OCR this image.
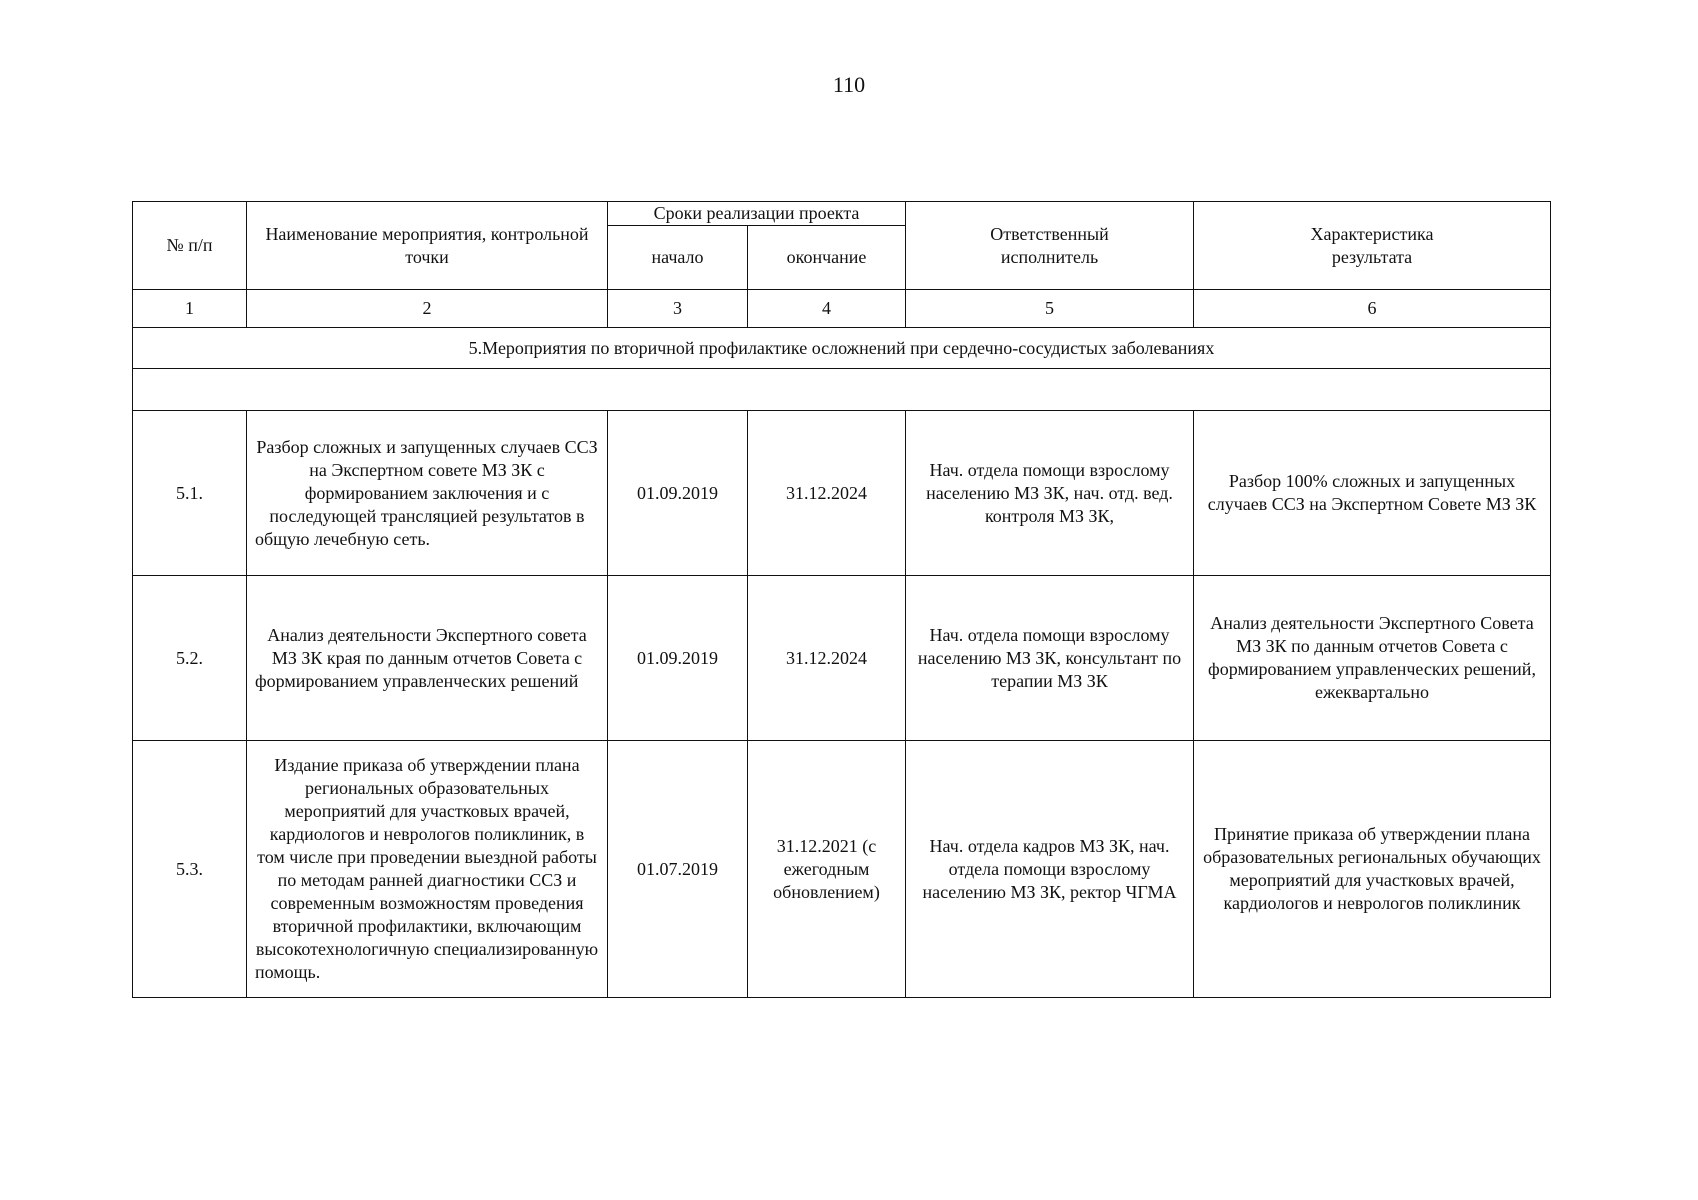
110
№ п/п	Наименование мероприятия, контрольной точки	Сроки реализации проекта		Ответственный исполнитель	Характеристика результата
		начало	окончание		
1	2	3	4	5	6
5.Мероприятия по вторичной профилактике осложнений при сердечно-сосудистых заболеваниях					

5.1.	Разбор сложных и запущенных случаев ССЗ на Экспертном совете МЗ ЗК с формированием заключения и с последующей трансляцией результатов в общую лечебную сеть.	01.09.2019	31.12.2024	Нач. отдела помощи взрослому населению МЗ ЗК, нач. отд. вед. контроля МЗ ЗК,	Разбор 100% сложных и запущенных случаев ССЗ на Экспертном Совете МЗ ЗК
5.2.	Анализ деятельности Экспертного совета МЗ ЗК края по данным отчетов Совета с формированием управленческих решений	01.09.2019	31.12.2024	Нач. отдела помощи взрослому населению МЗ ЗК, консультант по терапии МЗ ЗК	Анализ деятельности Экспертного Совета МЗ ЗК по данным отчетов Совета с формированием управленческих решений, ежеквартально
5.3.	Издание приказа об утверждении плана региональных образовательных мероприятий для участковых врачей, кардиологов и неврологов поликлиник, в том числе при проведении выездной работы по методам ранней диагностики ССЗ и современным возможностям проведения вторичной профилактики, включающим высокотехнологичную специализированную помощь.	01.07.2019	31.12.2021 (с ежегодным обновлением)	Нач. отдела кадров МЗ ЗК, нач. отдела помощи взрослому населению МЗ ЗК, ректор ЧГМА	Принятие приказа об утверждении плана образовательных региональных обучающих мероприятий для участковых врачей, кардиологов и неврологов поликлиник
